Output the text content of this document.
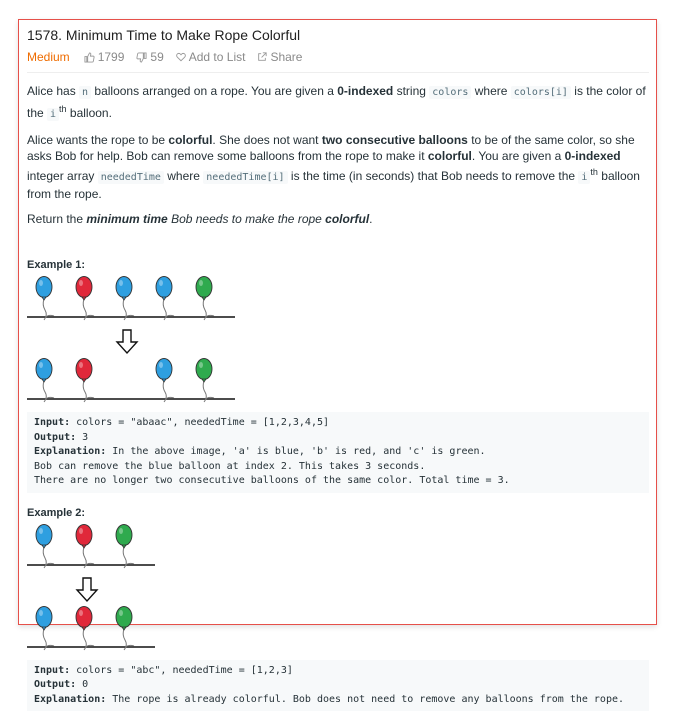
1578. Minimum Time to Make Rope Colorful
Medium 1799 59 Add to List Share

Alice has n balloons arranged on a rope. You are given a 0-indexed string colors where colors[i] is the color of the i $^{th}$ balloon.

Alice wants the rope to be colorful. She does not want two consecutive balloons to be of the same color, so she asks Bob for help. Bob can remove some balloons from the rope to make it colorful. You are given a 0-indexed integer array neededTime where neededTime[i] is the time (in seconds) that Bob needs to remove the i $^{th}$ balloon from the rope.

Return the minimum time Bob needs to make the rope colorful.

Example 1:
Input: colors = "abaac", neededTime = [1,2,3,4,5]
Output: 3
Explanation: In the above image, 'a' is blue, 'b' is red, and 'c' is green.
Bob can remove the blue balloon at index 2. This takes 3 seconds.
There are no longer two consecutive balloons of the same color. Total time = 3.
Example 2:
Input: colors = "abc", neededTime = [1,2,3]
Output: 0
Explanation: The rope is already colorful. Bob does not need to remove any balloons from the rope.
